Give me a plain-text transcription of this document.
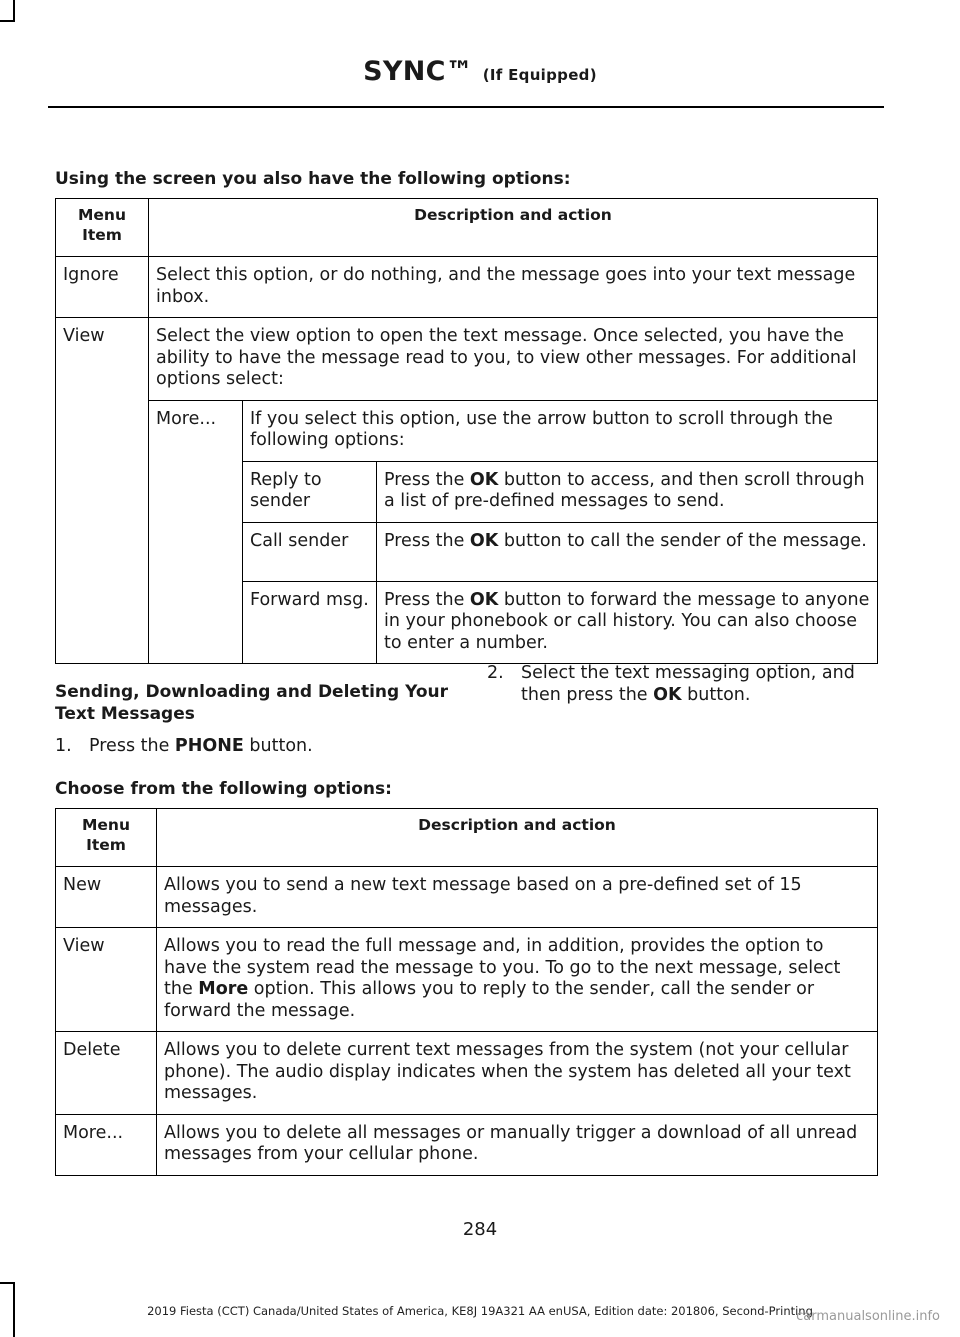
SYNC™ (If Equipped)
Using the screen you also have the following options:
Menu Item	Description and action		
Ignore	Select this option, or do nothing, and the message goes into your text message inbox.		
View	Select the view option to open the text message. Once selected, you have the ability to have the message read to you, to view other messages. For additional options select:		
	More...	If you select this option, use the arrow button to scroll through the following options:	
		Reply to sender	Press the OK button to access, and then scroll through a list of pre-defined messages to send.
		Call sender	Press the OK button to call the sender of the message.
		Forward msg.	Press the OK button to forward the message to anyone in your phonebook or call history. You can also choose to enter a number.
Sending, Downloading and Deleting Your Text Messages
1. Press the PHONE button.
2. Select the text messaging option, and then press the OK button.
Choose from the following options:
Menu Item	Description and action
New	Allows you to send a new text message based on a pre-defined set of 15 messages.
View	Allows you to read the full message and, in addition, provides the option to have the system read the message to you. To go to the next message, select the More option. This allows you to reply to the sender, call the sender or forward the message.
Delete	Allows you to delete current text messages from the system (not your cellular phone). The audio display indicates when the system has deleted all your text messages.
More...	Allows you to delete all messages or manually trigger a download of all unread messages from your cellular phone.
284
2019 Fiesta (CCT) Canada/United States of America, KE8J 19A321 AA enUSA, Edition date: 201806, Second-Printing
carmanualsonline.info
